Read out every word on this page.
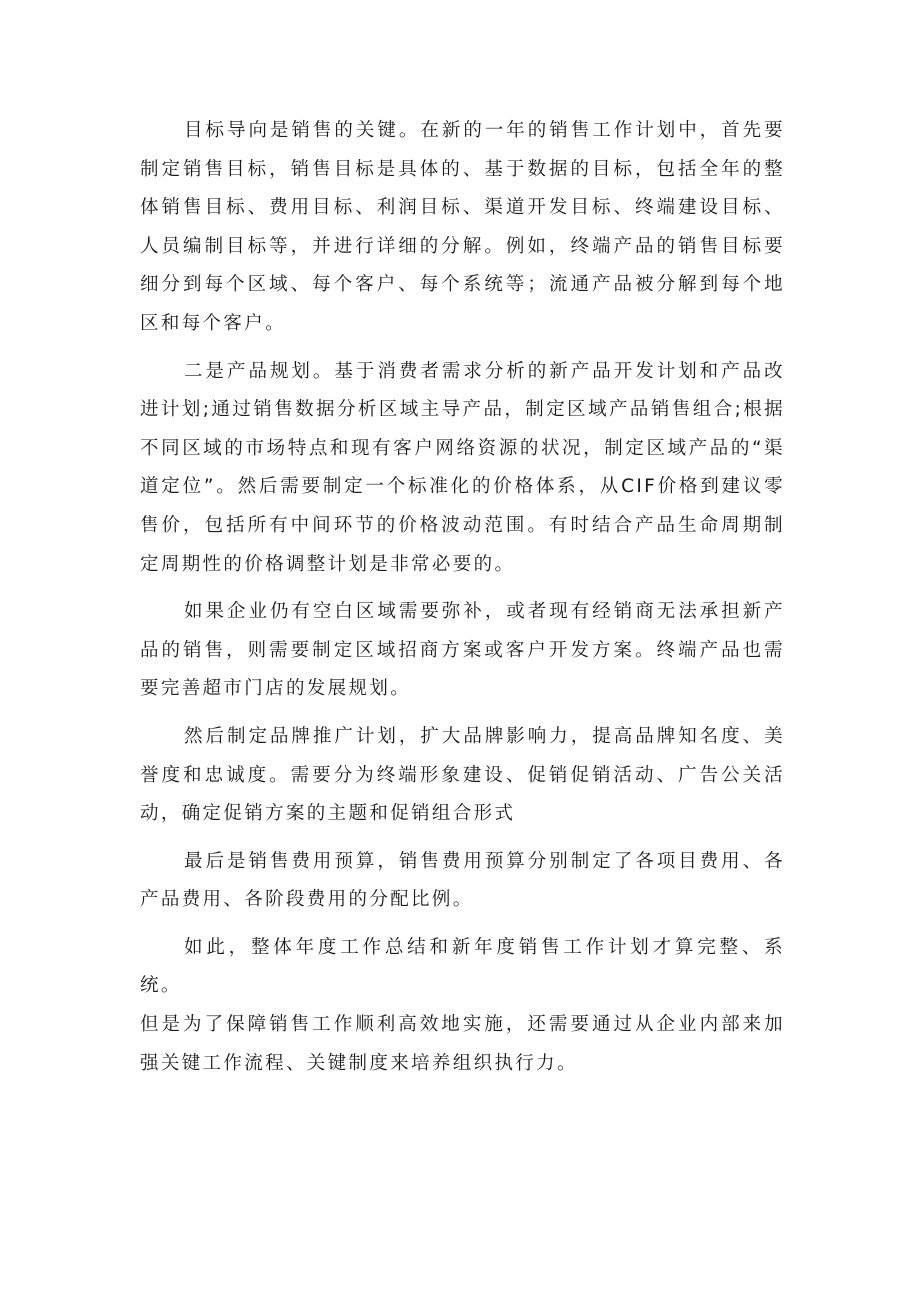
目标导向是销售的关键。在新的一年的销售工作计划中，首先要制定销售目标，销售目标是具体的、基于数据的目标，包括全年的整体销售目标、费用目标、利润目标、渠道开发目标、终端建设目标、人员编制目标等，并进行详细的分解。例如，终端产品的销售目标要细分到每个区域、每个客户、每个系统等；流通产品被分解到每个地区和每个客户。

二是产品规划。基于消费者需求分析的新产品开发计划和产品改进计划;通过销售数据分析区域主导产品，制定区域产品销售组合;根据不同区域的市场特点和现有客户网络资源的状况，制定区域产品的“渠道定位”。然后需要制定一个标准化的价格体系，从CIF价格到建议零售价，包括所有中间环节的价格波动范围。有时结合产品生命周期制定周期性的价格调整计划是非常必要的。

如果企业仍有空白区域需要弥补，或者现有经销商无法承担新产品的销售，则需要制定区域招商方案或客户开发方案。终端产品也需要完善超市门店的发展规划。

然后制定品牌推广计划，扩大品牌影响力，提高品牌知名度、美誉度和忠诚度。需要分为终端形象建设、促销促销活动、广告公关活动，确定促销方案的主题和促销组合形式

最后是销售费用预算，销售费用预算分别制定了各项目费用、各产品费用、各阶段费用的分配比例。

如此，整体年度工作总结和新年度销售工作计划才算完整、系统。

但是为了保障销售工作顺利高效地实施，还需要通过从企业内部来加强关键工作流程、关键制度来培养组织执行力。
